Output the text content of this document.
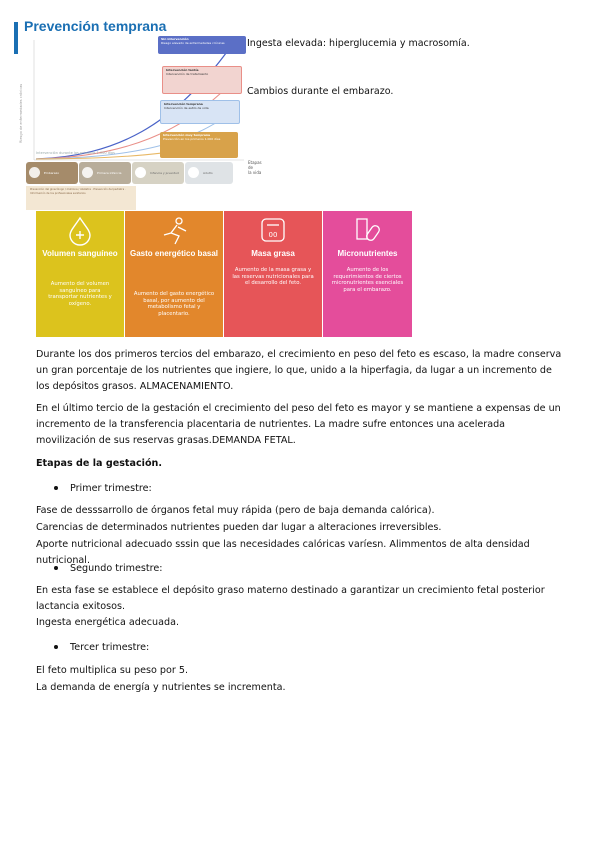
Prevención temprana
Riesgo de enfermedades crónicas
Sin intervención
Riesgo elevado de enfermedades crónicas
Intervención tardía
Intervención de tratamiento
Intervención temprana
Intervención de estilo de vida
Intervención muy temprana
Prevención en los primeros 1.000 días
Intervención durante los primeros 1.000 días
Etapas de
la vida
Embarazo	Primera infancia	Infancia y juventud	Adulto
Prevención del ginecólogo / matrona / obstetra · Prevención del pediatra · Información de los profesionales sanitarios
Ingesta elevada: hiperglucemia y macrosomía.
Cambios durante el embarazo.
Volumen sanguíneo
Aumento del volumen sanguíneo para transportar nutrientes y oxígeno.
Gasto energético basal
Aumento del gasto energético basal, por aumento del metabolismo fetal y placentario.
00
Masa grasa
Aumento de la masa grasa y las reservas nutricionales para el desarrollo del feto.
Micronutrientes
Aumento de los requerimientos de ciertos micronutrientes esenciales para el embarazo.

Durante los dos primeros tercios del embarazo, el crecimiento en peso del feto es escaso, la madre conserva un gran porcentaje de los nutrientes que ingiere, lo que, unido a la hiperfagia, da lugar a un incremento de los depósitos grasos. ALMACENAMIENTO.

En el último tercio de la gestación el crecimiento del peso del feto es mayor y se mantiene a expensas de un incremento de la transferencia placentaria de nutrientes. La madre sufre entonces una acelerada movilización de sus reservas grasas.DEMANDA FETAL.

Etapas de la gestación.

Primer trimestre:

Fase de desssarrollo de órganos fetal muy rápida (pero de baja demanda calórica).

Carencias de determinados nutrientes pueden dar lugar a alteraciones irreversibles.

Aporte nutricional adecuado sssin que las necesidades calóricas varíesn. Alimmentos de alta densidad nutricional.

Segundo trimestre:

En esta fase se establece el depósito graso materno destinado a garantizar un crecimiento fetal posterior lactancia exitosos.

Ingesta energética adecuada.

Tercer trimestre:

El feto multiplica su peso por 5.

La demanda de energía y nutrientes se incrementa.
